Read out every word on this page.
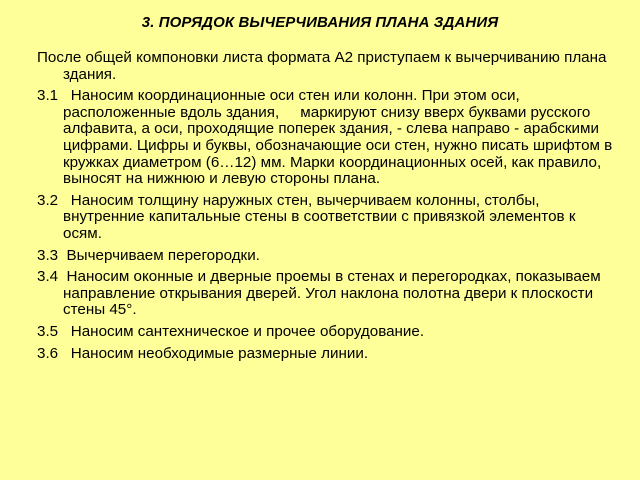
3. ПОРЯДОК ВЫЧЕРЧИВАНИЯ ПЛАНА ЗДАНИЯ

После общей компоновки листа формата А2 приступаем к вычерчиванию плана здания.

3.1   Наносим координационные оси стен или колонн. При этом оси, расположенные вдоль здания,     маркируют снизу вверх буквами русского алфавита, а оси, проходящие поперек здания, - слева направо - арабскими цифрами. Цифры и буквы, обозначающие оси стен, нужно писать шрифтом в кружках диаметром (6…12) мм. Марки координационных осей, как правило, выносят на нижнюю и левую стороны плана.

3.2   Наносим толщину наружных стен, вычерчиваем колонны, столбы, внутренние капитальные стены в соответствии с привязкой элементов к осям.

3.3  Вычерчиваем перегородки.

3.4  Наносим оконные и дверные проемы в стенах и перегородках, показываем направление открывания дверей. Угол наклона полотна двери к плоскости  стены 45°.

3.5   Наносим сантехническое и прочее оборудование.

3.6   Наносим необходимые размерные линии.
